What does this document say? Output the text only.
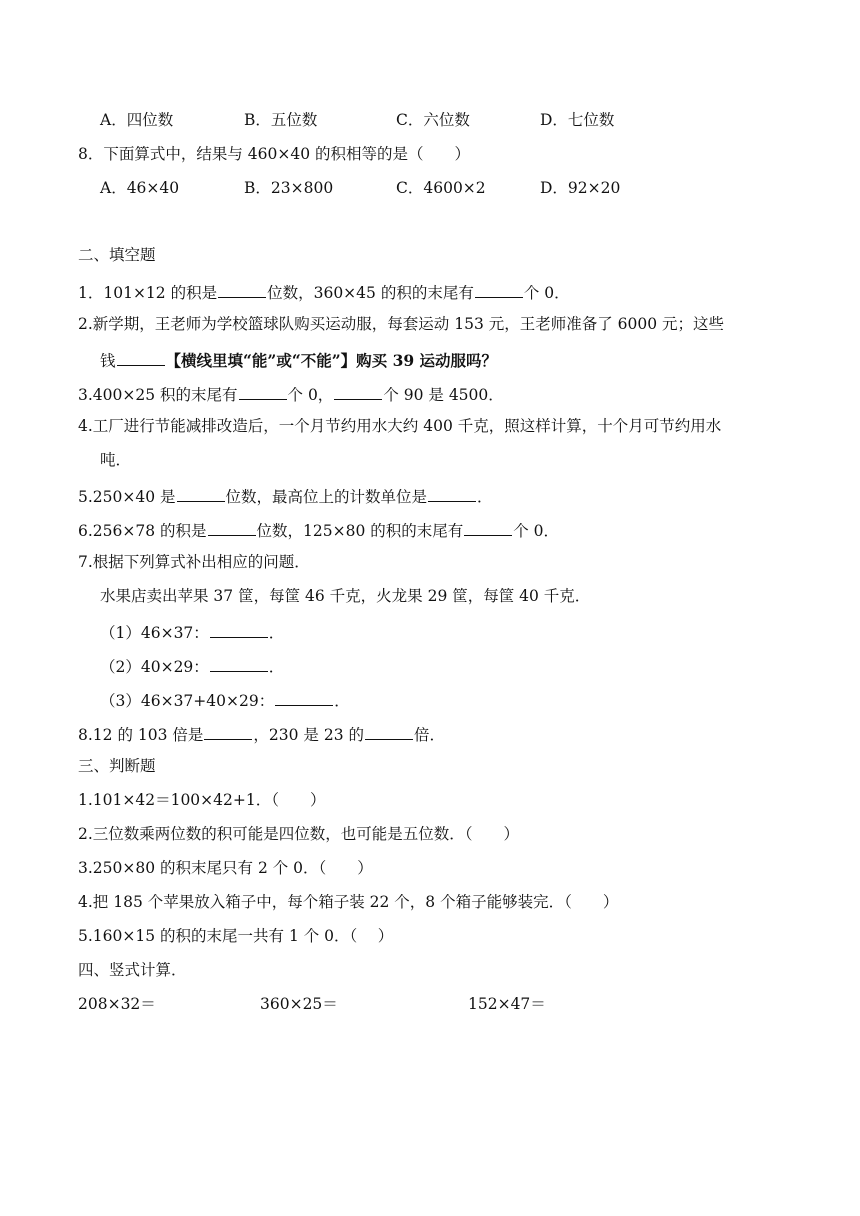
A．四位数	B．五位数	C．六位数	D．七位数
8．下面算式中，结果与 460×40 的积相等的是（　　）
A．46×40	B．23×800	C．4600×2	D．92×20
二、填空题
1．101×12 的积是	位数，360×45 的积的末尾有	个 0．
2.新学期，王老师为学校篮球队购买运动服，每套运动 153 元，王老师准备了 6000 元；这些
钱	【横线里填“能”或“不能”】购买 39 运动服吗？
3.400×25 积的末尾有	个 0，	个 90 是 4500．
4.工厂进行节能减排改造后，一个月节约用水大约 400 千克，照这样计算，十个月可节约用水
吨．
5.250×40 是	位数，最高位上的计数单位是	．
6.256×78 的积是	位数，125×80 的积的末尾有	个 0．
7.根据下列算式补出相应的问题．
水果店卖出苹果 37 筐，每筐 46 千克，火龙果 29 筐，每筐 40 千克．
（1）46×37：	．
（2）40×29：	．
（3）46×37+40×29：	．
8.12 的 103 倍是	，230 是 23 的	倍．
三、判断题
1.101×42＝100×42+1．（　　）
2.三位数乘两位数的积可能是四位数，也可能是五位数．（　　）
3.250×80 的积末尾只有 2 个 0．（　　）
4.把 185 个苹果放入箱子中，每个箱子装 22 个，8 个箱子能够装完．（　　）
5.160×15 的积的末尾一共有 1 个 0．（　 ）
四、竖式计算．
208×32＝	360×25＝	152×47＝
